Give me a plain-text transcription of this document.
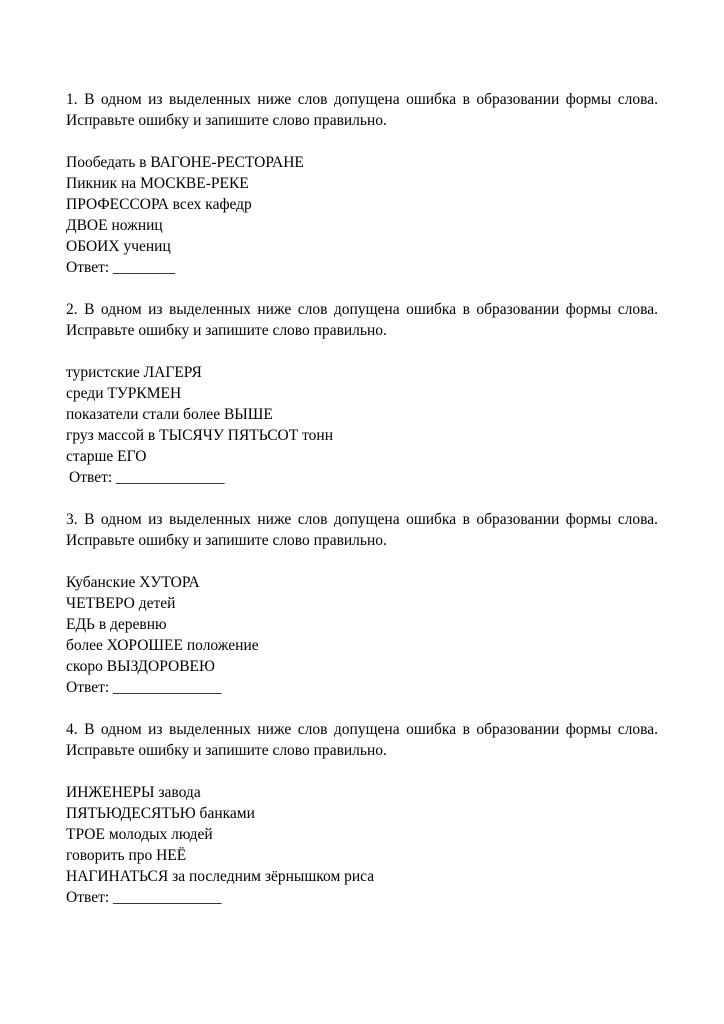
1. В одном из выделенных ниже слов допущена ошибка в образовании формы слова. Исправьте ошибку и запишите слово правильно.

Пообедать в ВАГОНЕ-РЕСТОРАНЕ
Пикник на МОСКВЕ-РЕКЕ
ПРОФЕССОРА всех кафедр
ДВОЕ ножниц
ОБОИХ учениц
Ответ: ________

2. В одном из выделенных ниже слов допущена ошибка в образовании формы слова. Исправьте ошибку и запишите слово правильно.

туристские ЛАГЕРЯ
среди ТУРКМЕН
показатели стали более ВЫШЕ
груз массой в ТЫСЯЧУ ПЯТЬСОТ тонн
старше ЕГО
Ответ: ______________

3. В одном из выделенных ниже слов допущена ошибка в образовании формы слова. Исправьте ошибку и запишите слово правильно.

Кубанские ХУТОРА
ЧЕТВЕРО детей
ЕДЬ в деревню
более ХОРОШЕЕ положение
скоро ВЫЗДОРОВЕЮ
Ответ: ______________

4. В одном из выделенных ниже слов допущена ошибка в образовании формы слова. Исправьте ошибку и запишите слово правильно.

ИНЖЕНЕРЫ завода
ПЯТЬЮДЕСЯТЬЮ банками
ТРОЕ молодых людей
говорить про НЕЁ
НАГИНАТЬСЯ за последним зёрнышком риса
Ответ: ______________
